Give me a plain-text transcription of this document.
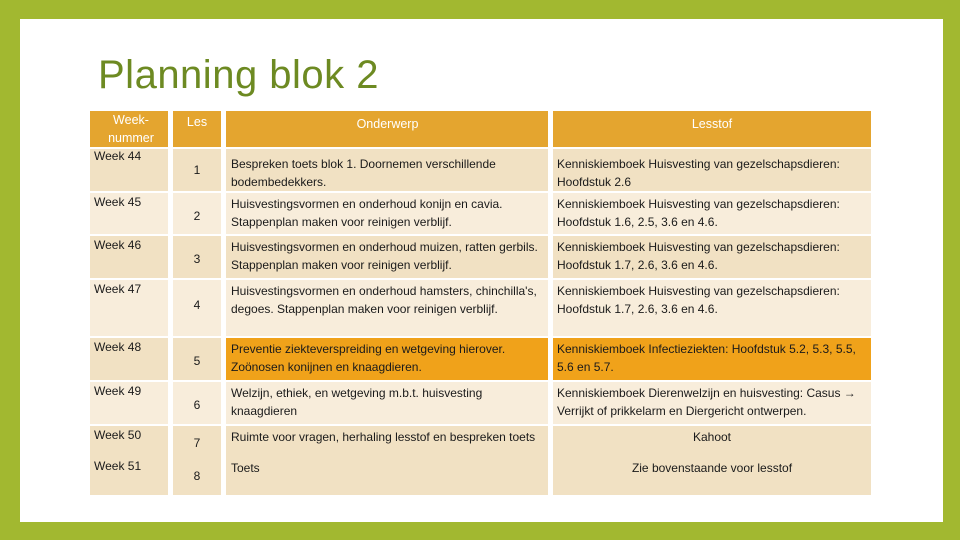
Planning blok 2
Week-nummer	Les	Onderwerp	Lesstof
Week 44	1	Bespreken toets blok 1. Doornemen verschillende bodembedekkers.	Kenniskiemboek Huisvesting van gezelschapsdieren: Hoofdstuk 2.6
Week 45	2	Huisvestingsvormen en onderhoud konijn en cavia. Stappenplan maken voor reinigen verblijf.	Kenniskiemboek Huisvesting van gezelschapsdieren: Hoofdstuk 1.6, 2.5, 3.6 en 4.6.
Week 46	3	Huisvestingsvormen en onderhoud muizen, ratten gerbils. Stappenplan maken voor reinigen verblijf.	Kenniskiemboek Huisvesting van gezelschapsdieren: Hoofdstuk 1.7, 2.6, 3.6 en 4.6.
Week 47	4	Huisvestingsvormen en onderhoud hamsters, chinchilla's, degoes. Stappenplan maken voor reinigen verblijf.	Kenniskiemboek Huisvesting van gezelschapsdieren: Hoofdstuk 1.7, 2.6, 3.6 en 4.6.
Week 48	5	Preventie ziekteverspreiding en wetgeving hierover. Zoönosen konijnen en knaagdieren.	Kenniskiemboek Infectieziekten: Hoofdstuk 5.2, 5.3, 5.5, 5.6 en 5.7.
Week 49	6	Welzijn, ethiek, en wetgeving m.b.t. huisvesting knaagdieren	Kenniskiemboek Dierenwelzijn en huisvesting: Casus → Verrijkt of prikkelarm en Diergericht ontwerpen.
Week 50	7	Ruimte voor vragen, herhaling lesstof en bespreken toets	Kahoot
Week 51	8	Toets	Zie bovenstaande voor lesstof
